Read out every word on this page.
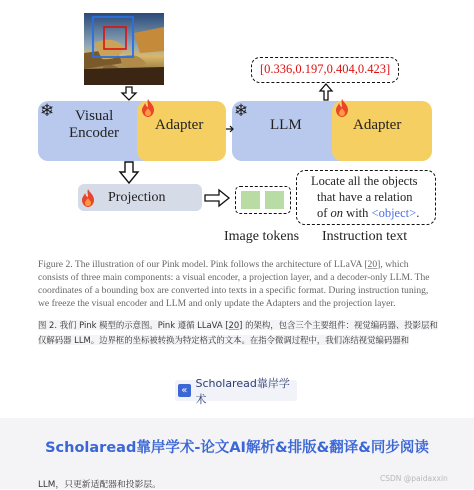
❄ Visual
Encoder Adapter
❄
LLM	Adapter
[0.336,0.197,0.404,0.423]
Projection
Image tokens
Locate all the objects
that have a relation
of on with <object>.
Instruction text
Figure 2. The illustration of our Pink model. Pink follows the architecture of LLaVA [20], which
consists of three main components: a visual encoder, a projection layer, and a decoder-only LLM. The
coordinates of a bounding box are converted into texts in a specific format. During instruction tuning,
we freeze the visual encoder and LLM and only update the Adapters and the projection layer.
图 2. 我们 Pink 模型的示意图。Pink 遵循 LLaVA [20] 的架构，包含三个主要组件：视觉编码器、投影层和
仅解码器 LLM。边界框的坐标被转换为特定格式的文本。在指令微调过程中，我们冻结视觉编码器和
«
Scholaread靠岸学术
Scholaread靠岸学术-论文AI解析&排版&翻译&同步阅读
LLM，只更新适配器和投影层。
CSDN @paidaxxin
